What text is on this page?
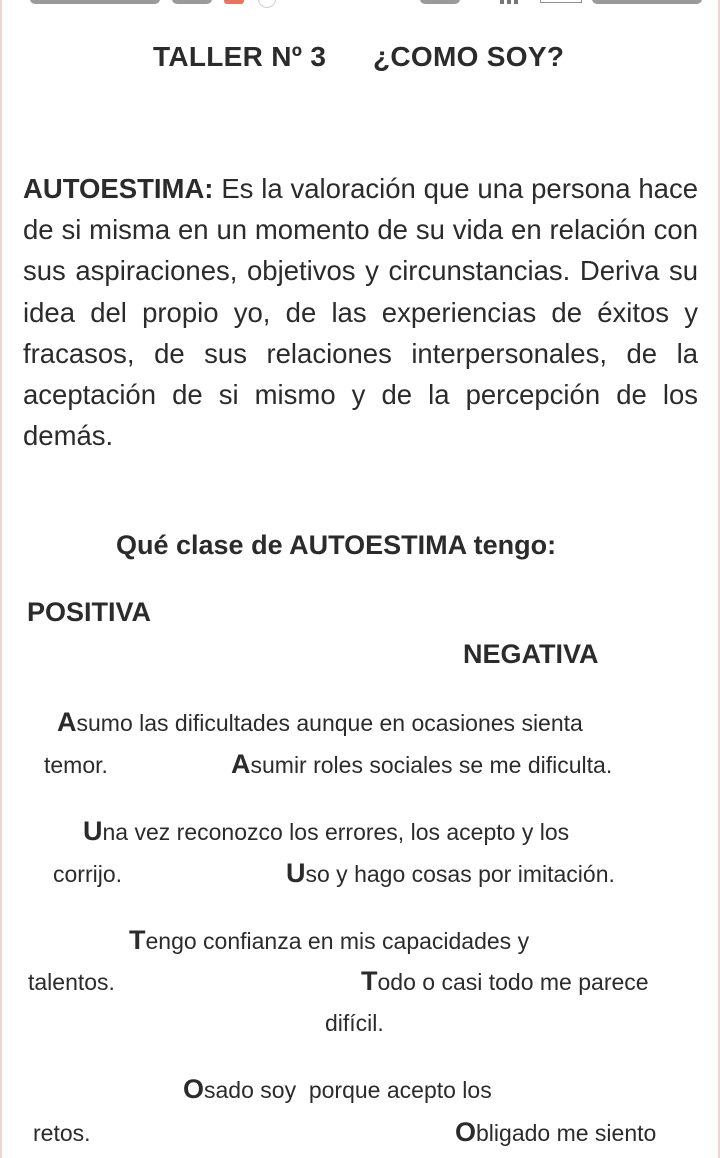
TALLER Nº 3 ¿COMO SOY?
AUTOESTIMA: Es la valoración que una persona hace de si misma en un momento de su vida en relación con sus aspiraciones, objetivos y circunstancias. Deriva su idea del propio yo, de las experiencias de éxitos y fracasos, de sus relaciones interpersonales, de la aceptación de si mismo y de la percepción de los demás.
Qué clase de AUTOESTIMA tengo:
POSITIVA
NEGATIVA
Asumo las dificultades aunque en ocasiones sienta
temor.	Asumir roles sociales se me dificulta.
Una vez reconozco los errores, los acepto y los
corrijo.	Uso y hago cosas por imitación.
Tengo confianza en mis capacidades y
talentos.	Todo o casi todo me parece
difícil.
Osado soy  porque acepto los
retos.	Obligado me siento
